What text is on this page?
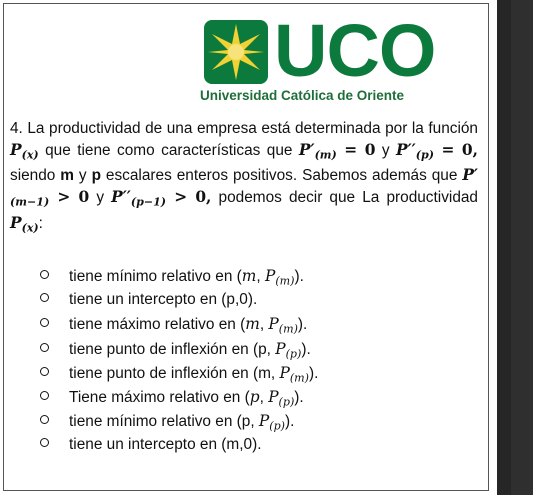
UCO
Universidad Católica de Oriente
4. La productividad de una empresa está determinada por la función $P_{(x)}$ que tiene como características que $P'_{(m)} = 0$ y $P''_{(p)} = 0$, siendo m y p escalares enteros positivos. Sabemos además que $P'_{(m-1)} > 0$ y $P''_{(p-1)} > 0$, podemos decir que La productividad $P_{(x)}$:
tiene mínimo relativo en (m, $P_{(m)}$).
tiene un intercepto en (p,0).
tiene máximo relativo en (m, $P_{(m)}$).
tiene punto de inflexión en (p, $P_{(p)}$).
tiene punto de inflexión en (m, $P_{(m)}$).
Tiene máximo relativo en (p, $P_{(p)}$).
tiene mínimo relativo en (p, $P_{(p)}$).
tiene un intercepto en (m,0).
